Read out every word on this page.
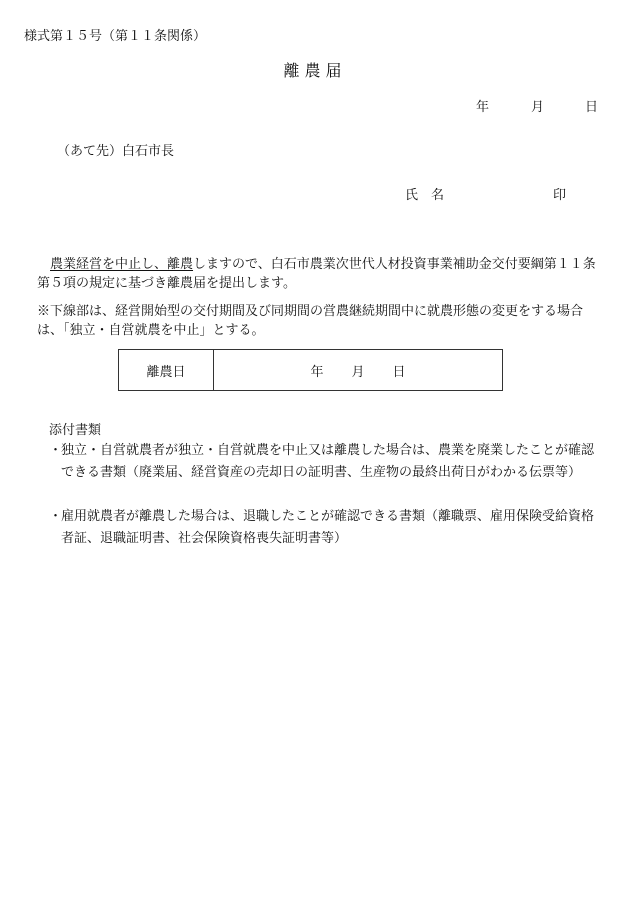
様式第１５号（第１１条関係）
離農届
年	月	日
（あて先）白石市長
氏　名	印
農業経営を中止し、離農しますので、白石市農業次世代人材投資事業補助金交付要綱第１１条第５項の規定に基づき離農届を提出します。
※下線部は、経営開始型の交付期間及び同期間の営農継続期間中に就農形態の変更をする場合は、「独立・自営就農を中止」とする。
離農日	年 月 日
添付書類
・
独立・自営就農者が独立・自営就農を中止又は離農した場合は、農業を廃業したことが確認できる書類（廃業届、経営資産の売却日の証明書、生産物の最終出荷日がわかる伝票等）
・
雇用就農者が離農した場合は、退職したことが確認できる書類（離職票、雇用保険受給資格者証、退職証明書、社会保険資格喪失証明書等）
